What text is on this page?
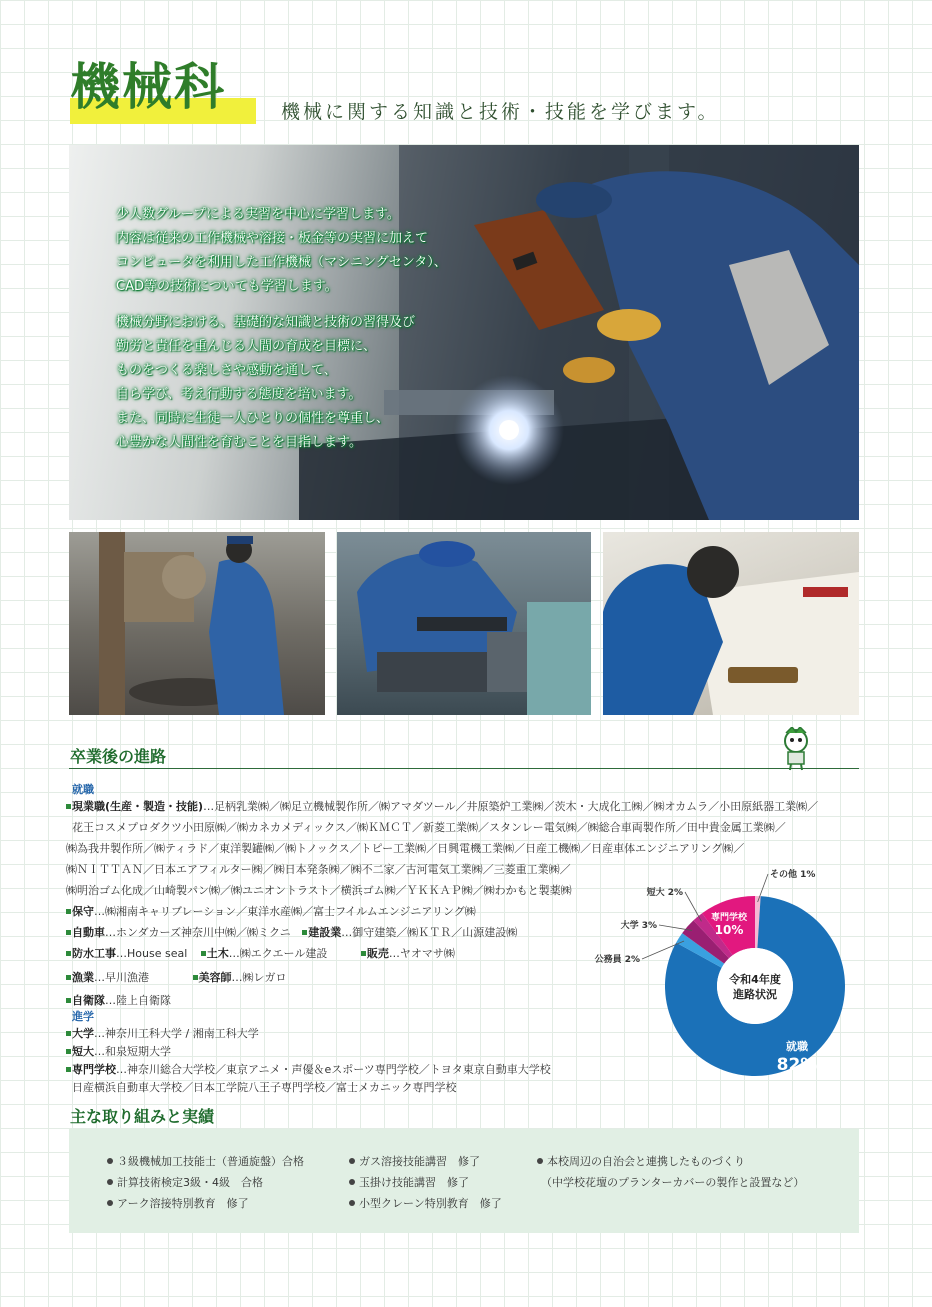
機械科	機械に関する知識と技術・技能を学びます。
少人数グループによる実習を中心に学習します。
内容は従来の工作機械や溶接・板金等の実習に加えて
コンピュータを利用した工作機械（マシニングセンタ）、
CAD等の技術についても学習します。
機械分野における、基礎的な知識と技術の習得及び
勤労と責任を重んじる人間の育成を目標に、
ものをつくる楽しさや感動を通して、
自ら学び、考え行動する態度を培います。
また、同時に生徒一人ひとりの個性を尊重し、
心豊かな人間性を育むことを目指します。
卒業後の進路
就職
現業職(生産・製造・技能)…足柄乳業㈱／㈱足立機械製作所／㈱アマダツール／井原築炉工業㈱／茨木・大成化工㈱／㈱オカムラ／小田原紙器工業㈱／
花王コスメプロダクツ小田原㈱／㈱カネカメディックス／㈱ＫＭＣＴ／新菱工業㈱／スタンレー電気㈱／㈱総合車両製作所／田中貴金属工業㈱／
㈱為我井製作所／㈱ティラド／東洋製罐㈱／㈱トノックス／トピー工業㈱／日興電機工業㈱／日産工機㈱／日産車体エンジニアリング㈱／
㈱ＮＩＴＴＡＮ／日本エアフィルター㈱／㈱日本発条㈱／㈱不二家／古河電気工業㈱／三菱重工業㈱／
㈱明治ゴム化成／山崎製パン㈱／㈱ユニオントラスト／横浜ゴム㈱／ＹＫＫＡＰ㈱／㈱わかもと製薬㈱
保守…㈱湘南キャリブレーション／東洋水産㈱／富士フイルムエンジニアリング㈱
自動車…ホンダカーズ神奈川中㈱／㈱ミクニ 建設業…御守建築／㈱ＫＴＲ／山源建設㈱
防水工事…House seal 土木…㈱エクエール建設	販売…ヤオマサ㈱
漁業…早川漁港	美容師…㈱レガロ
自衛隊…陸上自衛隊
進学
大学…神奈川工科大学 / 湘南工科大学
短大…和泉短期大学
専門学校…神奈川総合大学校／東京アニメ・声優＆eスポーツ専門学校／トヨタ東京自動車大学校
日産横浜自動車大学校／日本工学院八王子専門学校／富士メカニック専門学校
令和4年度
進路状況
就職
82%
専門学校
10%
その他 1%
短大 2%
大学 3%
公務員 2%
主な取り組みと実績
３級機械加工技能士（普通旋盤）合格
計算技術検定3級・4級　合格
アーク溶接特別教育　修了
ガス溶接技能講習　修了
玉掛け技能講習　修了
小型クレーン特別教育　修了
本校周辺の自治会と連携したものづくり
（中学校花壇のプランターカバーの製作と設置など）
